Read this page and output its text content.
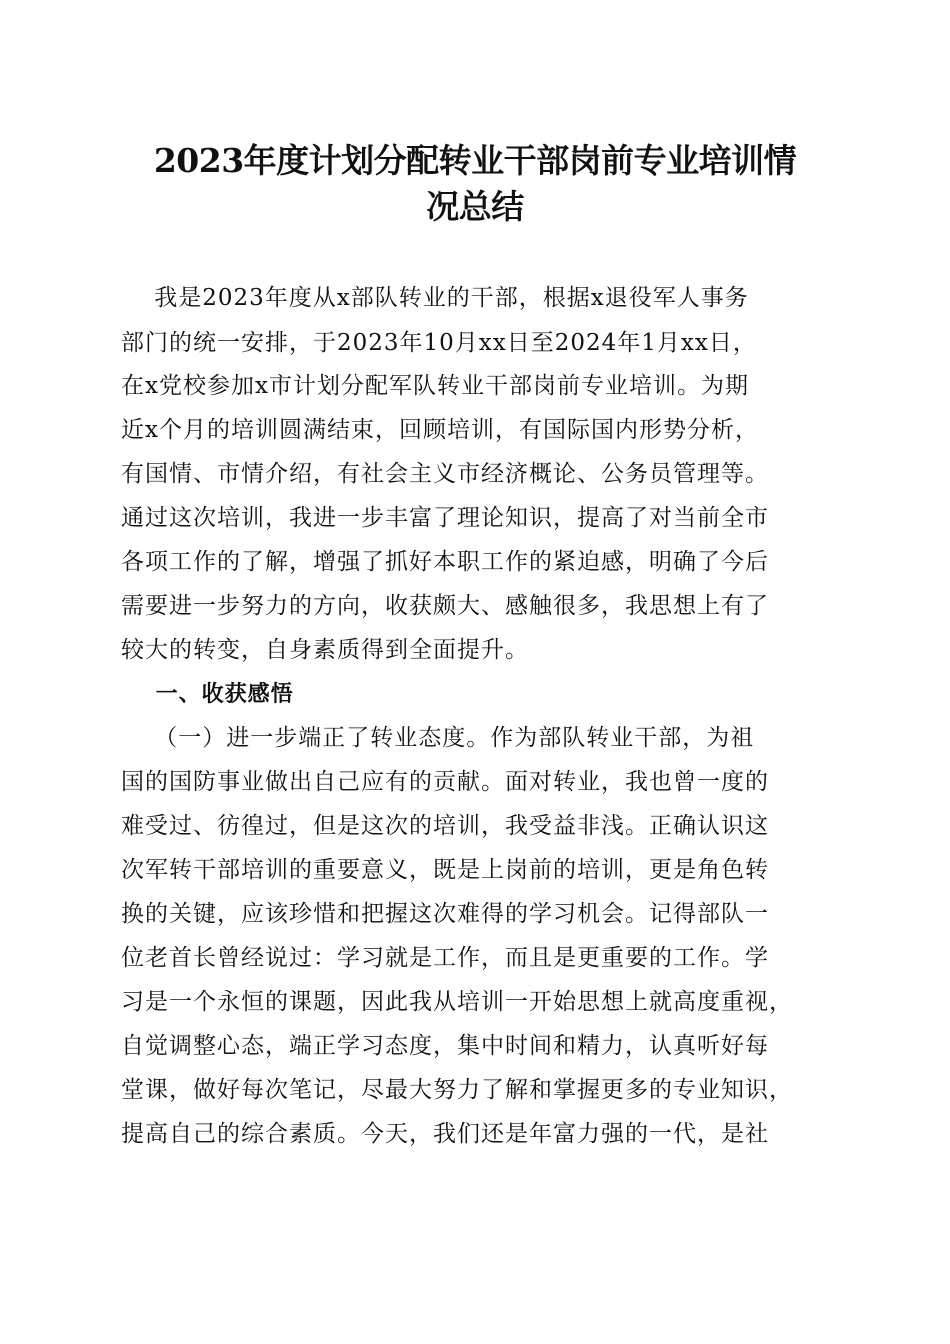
2023年度计划分配转业干部岗前专业培训情
况总结
我是2023年度从x部队转业的干部，根据x退役军人事务
部门的统一安排，于2023年10月xx日至2024年1月xx日，
在x党校参加x市计划分配军队转业干部岗前专业培训。为期
近x个月的培训圆满结束，回顾培训，有国际国内形势分析，
有国情、市情介绍，有社会主义市经济概论、公务员管理等。
通过这次培训，我进一步丰富了理论知识，提高了对当前全市
各项工作的了解，增强了抓好本职工作的紧迫感，明确了今后
需要进一步努力的方向，收获颇大、感触很多，我思想上有了
较大的转变，自身素质得到全面提升。
一、收获感悟
（一）进一步端正了转业态度。作为部队转业干部，为祖
国的国防事业做出自己应有的贡献。面对转业，我也曾一度的
难受过、彷徨过，但是这次的培训，我受益非浅。正确认识这
次军转干部培训的重要意义，既是上岗前的培训，更是角色转
换的关键，应该珍惜和把握这次难得的学习机会。记得部队一
位老首长曾经说过：学习就是工作，而且是更重要的工作。学
习是一个永恒的课题，因此我从培训一开始思想上就高度重视，
自觉调整心态，端正学习态度，集中时间和精力，认真听好每
堂课，做好每次笔记，尽最大努力了解和掌握更多的专业知识，
提高自己的综合素质。今天，我们还是年富力强的一代，是社
